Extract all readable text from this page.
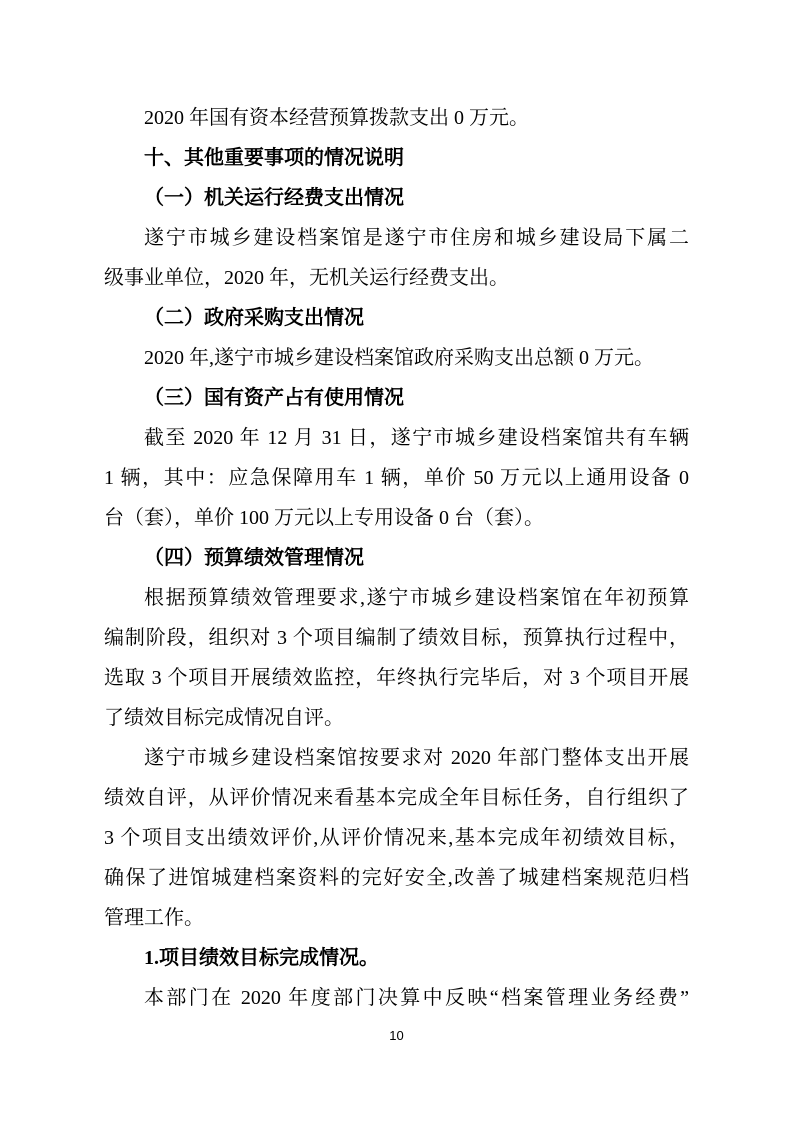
2020 年国有资本经营预算拨款支出 0 万元。
十、其他重要事项的情况说明
（一）机关运行经费支出情况
遂宁市城乡建设档案馆是遂宁市住房和城乡建设局下属二
级事业单位，2020 年，无机关运行经费支出。
（二）政府采购支出情况
2020 年,遂宁市城乡建设档案馆政府采购支出总额 0 万元。
（三）国有资产占有使用情况
截至 2020 年 12 月 31 日，遂宁市城乡建设档案馆共有车辆
1 辆，其中：应急保障用车 1 辆，单价 50 万元以上通用设备 0
台（套），单价 100 万元以上专用设备 0 台（套）。
（四）预算绩效管理情况
根据预算绩效管理要求,遂宁市城乡建设档案馆在年初预算
编制阶段，组织对 3 个项目编制了绩效目标，预算执行过程中，
选取 3 个项目开展绩效监控，年终执行完毕后，对 3 个项目开展
了绩效目标完成情况自评。
遂宁市城乡建设档案馆按要求对 2020 年部门整体支出开展
绩效自评，从评价情况来看基本完成全年目标任务，自行组织了
3 个项目支出绩效评价,从评价情况来,基本完成年初绩效目标，
确保了进馆城建档案资料的完好安全,改善了城建档案规范归档
管理工作。
1.项目绩效目标完成情况。
本部门在 2020 年度部门决算中反映“档案管理业务经费”
10
